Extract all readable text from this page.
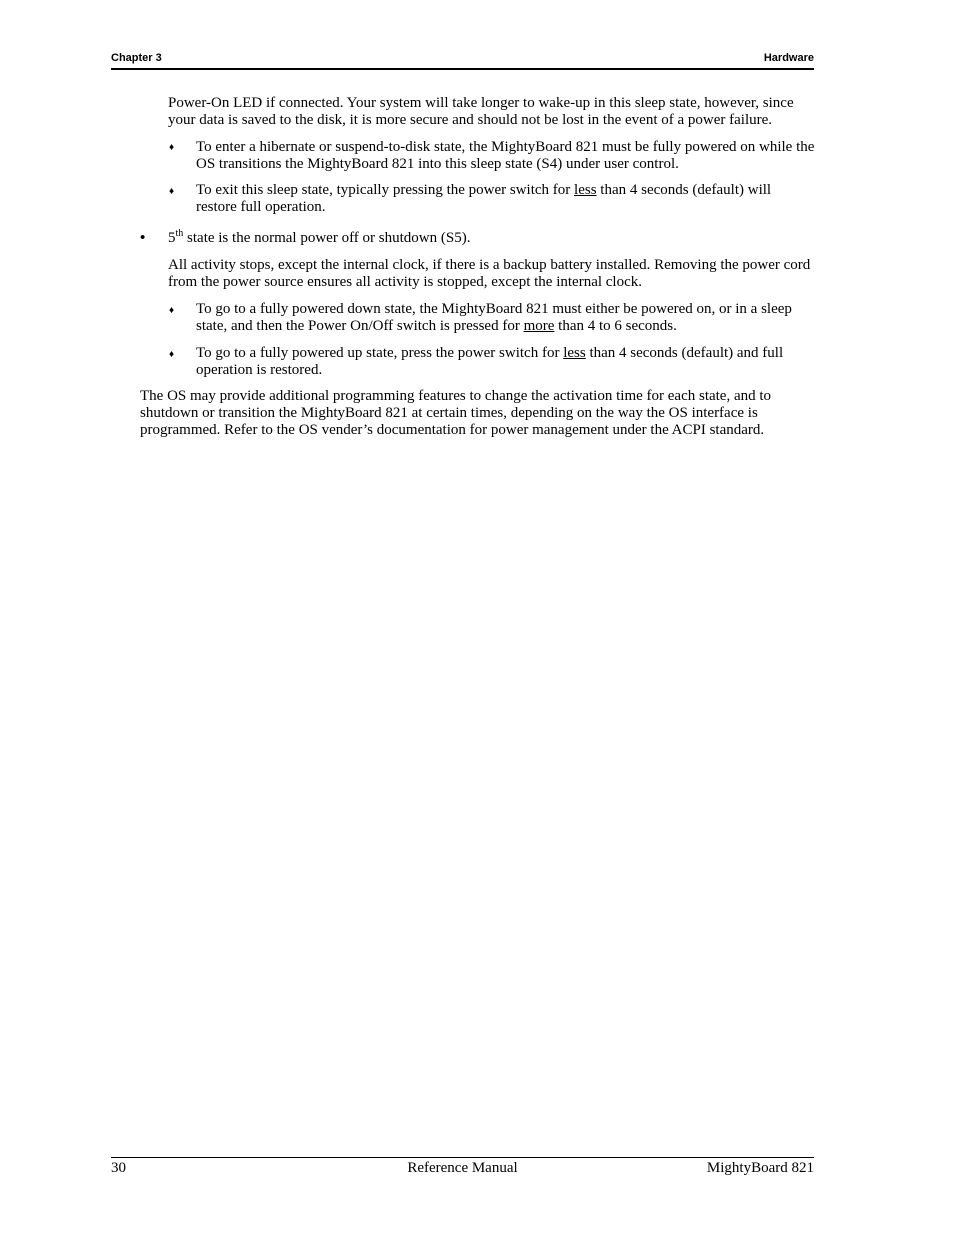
Chapter 3	Hardware

Power-On LED if connected. Your system will take longer to wake-up in this sleep state, however, since your data is saved to the disk, it is more secure and should not be lost in the event of a power failure.

♦ To enter a hibernate or suspend-to-disk state, the MightyBoard 821 must be fully powered on while the OS transitions the MightyBoard 821 into this sleep state (S4) under user control.

♦ To exit this sleep state, typically pressing the power switch for less than 4 seconds (default) will restore full operation.

• 5th state is the normal power off or shutdown (S5).

All activity stops, except the internal clock, if there is a backup battery installed. Removing the power cord from the power source ensures all activity is stopped, except the internal clock.

♦ To go to a fully powered down state, the MightyBoard 821 must either be powered on, or in a sleep state, and then the Power On/Off switch is pressed for more than 4 to 6 seconds.

♦ To go to a fully powered up state, press the power switch for less than 4 seconds (default) and full operation is restored.

The OS may provide additional programming features to change the activation time for each state, and to shutdown or transition the MightyBoard 821 at certain times, depending on the way the OS interface is programmed. Refer to the OS vender’s documentation for power management under the ACPI standard.

30	Reference Manual	MightyBoard 821
